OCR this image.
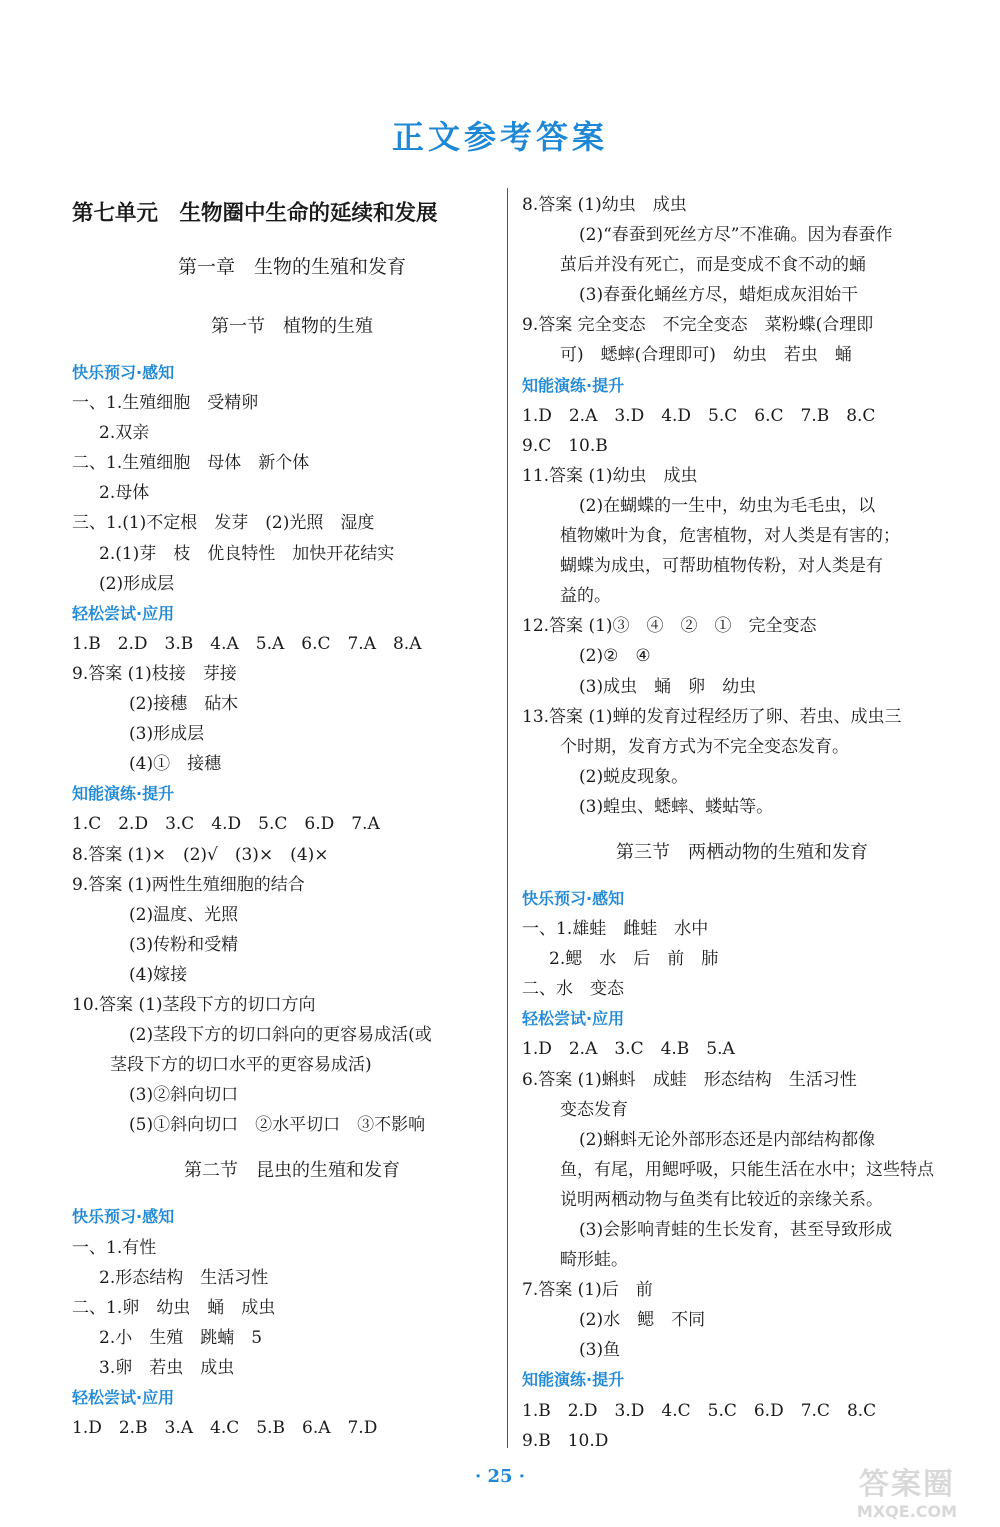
正文参考答案
第七单元　生物圈中生命的延续和发展
第一章　生物的生殖和发育
第一节　植物的生殖
快乐预习·感知
一、1.生殖细胞　受精卵
2.双亲
二、1.生殖细胞　母体　新个体
2.母体
三、1.(1)不定根　发芽　(2)光照　湿度
2.(1)芽　枝　优良特性　加快开花结实
(2)形成层
轻松尝试·应用
1.B　2.D　3.B　4.A　5.A　6.C　7.A　8.A
9.答案 (1)枝接　芽接
(2)接穗　砧木
(3)形成层
(4)①　接穗
知能演练·提升
1.C　2.D　3.C　4.D　5.C　6.D　7.A
8.答案 (1)×　(2)√　(3)×　(4)×
9.答案 (1)两性生殖细胞的结合
(2)温度、光照
(3)传粉和受精
(4)嫁接
10.答案 (1)茎段下方的切口方向
(2)茎段下方的切口斜向的更容易成活(或
茎段下方的切口水平的更容易成活)
(3)②斜向切口
(5)①斜向切口　②水平切口　③不影响
第二节　昆虫的生殖和发育
快乐预习·感知
一、1.有性
2.形态结构　生活习性
二、1.卵　幼虫　蛹　成虫
2.小　生殖　跳蝻　5
3.卵　若虫　成虫
轻松尝试·应用
1.D　2.B　3.A　4.C　5.B　6.A　7.D
8.答案 (1)幼虫　成虫
(2)“春蚕到死丝方尽”不准确。因为春蚕作
茧后并没有死亡，而是变成不食不动的蛹
(3)春蚕化蛹丝方尽，蜡炬成灰泪始干
9.答案 完全变态　不完全变态　菜粉蝶(合理即
可)　蟋蟀(合理即可)　幼虫　若虫　蛹
知能演练·提升
1.D　2.A　3.D　4.D　5.C　6.C　7.B　8.C
9.C　10.B
11.答案 (1)幼虫　成虫
(2)在蝴蝶的一生中，幼虫为毛毛虫，以
植物嫩叶为食，危害植物，对人类是有害的；
蝴蝶为成虫，可帮助植物传粉，对人类是有
益的。
12.答案 (1)③　④　②　①　完全变态
(2)②　④
(3)成虫　蛹　卵　幼虫
13.答案 (1)蝉的发育过程经历了卵、若虫、成虫三
个时期，发育方式为不完全变态发育。
(2)蜕皮现象。
(3)蝗虫、蟋蟀、蝼蛄等。
第三节　两栖动物的生殖和发育
快乐预习·感知
一、1.雄蛙　雌蛙　水中
2.鳃　水　后　前　肺
二、水　变态
轻松尝试·应用
1.D　2.A　3.C　4.B　5.A
6.答案 (1)蝌蚪　成蛙　形态结构　生活习性
变态发育
(2)蝌蚪无论外部形态还是内部结构都像
鱼，有尾，用鳃呼吸，只能生活在水中；这些特点
说明两栖动物与鱼类有比较近的亲缘关系。
(3)会影响青蛙的生长发育，甚至导致形成
畸形蛙。
7.答案 (1)后　前
(2)水　鳃　不同
(3)鱼
知能演练·提升
1.B　2.D　3.D　4.C　5.C　6.D　7.C　8.C
9.B　10.D
· 25 ·	答案圈
MXQE.COM
